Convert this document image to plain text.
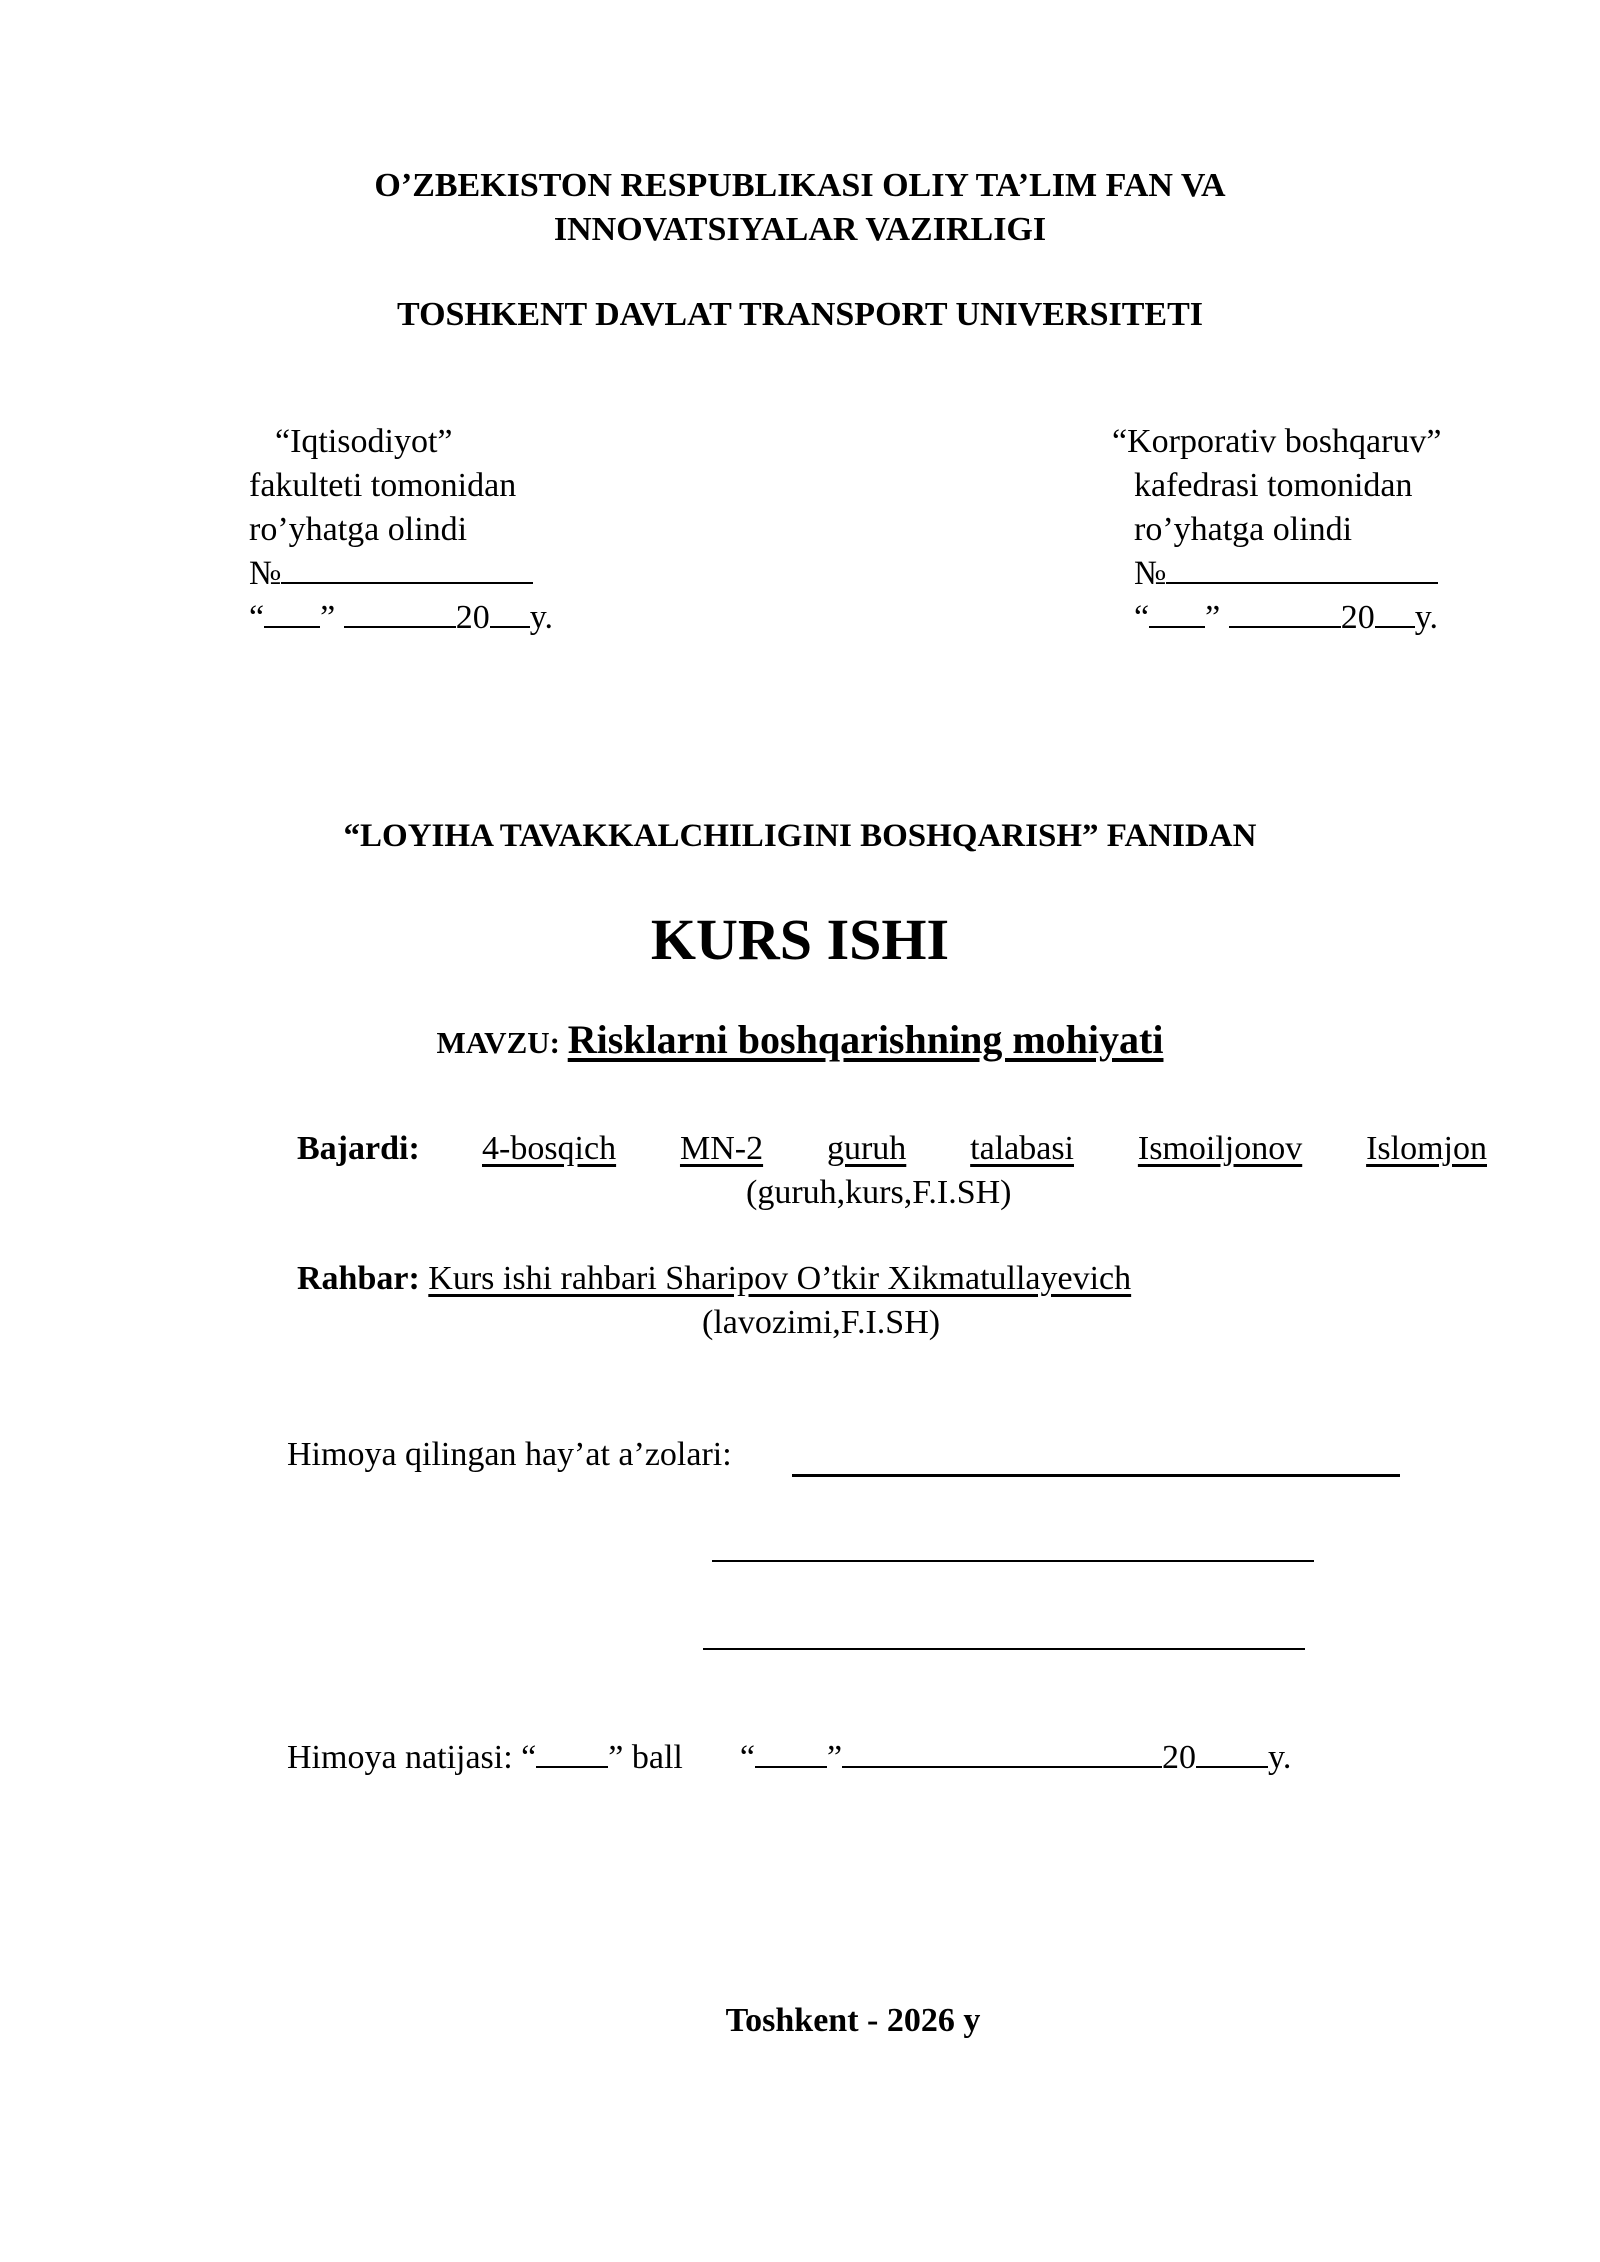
O’ZBEKISTON RESPUBLIKASI OLIY TA’LIM FAN VA
INNOVATSIYALAR VAZIRLIGI
TOSHKENT DAVLAT TRANSPORT UNIVERSITETI
“Iqtisodiyot”
fakulteti tomonidan
ro’yhatga olindi
№
“ ”	20 y.
“Korporativ boshqaruv”
kafedrasi tomonidan
ro’yhatga olindi
№
“ ”	20 y.
“LOYIHA TAVAKKALCHILIGINI BOSHQARISH” FANIDAN
KURS ISHI
MAVZU: Risklarni boshqarishning mohiyati
Bajardi: 4-bosqich MN-2 guruh talabasi Ismoiljonov Islomjon
(guruh,kurs,F.I.SH)
Rahbar: Kurs ishi rahbari Sharipov O’tkir Xikmatullayevich
(lavozimi,F.I.SH)
Himoya qilingan hay’at a’zolari:
Himoya natijasi: “ ” ball “ ”	20 y.
Toshkent - 2026 y
